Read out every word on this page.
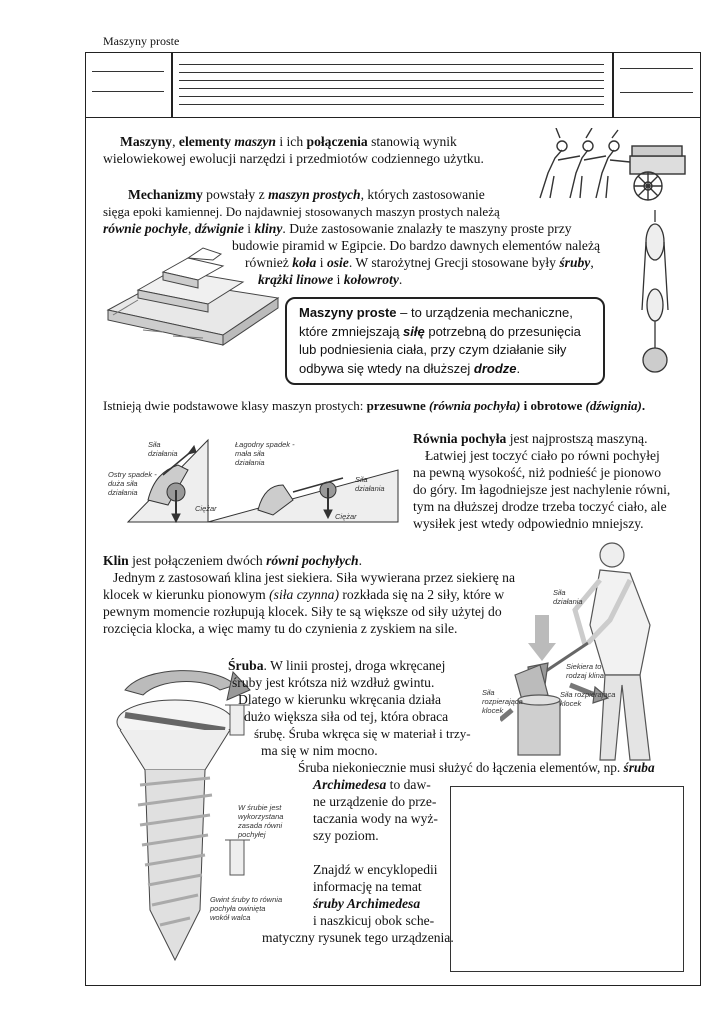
Maszyny proste
Maszyny, elementy maszyn i ich połączenia stanowią wynik
wielowiekowej ewolucji narzędzi i przedmiotów codziennego użytku.
Mechanizmy powstały z maszyn prostych, których zastosowanie
sięga epoki kamiennej. Do najdawniej stosowanych maszyn prostych należą
równie pochyłe, dźwignie i kliny. Duże zastosowanie znalazły te maszyny proste przy
budowie piramid w Egipcie. Do bardzo dawnych elementów należą
również koła i osie. W starożytnej Grecji stosowane były śruby,
krążki linowe i kołowroty.
Maszyny proste – to urządzenia mechaniczne,
które zmniejszają siłę potrzebną do przesunięcia
lub podniesienia ciała, przy czym działanie siły
odbywa się wtedy na dłuższej drodze.
Istnieją dwie podstawowe klasy maszyn prostych: przesuwne (równia pochyła) i obrotowe (dźwignia).
Siła
działania
Łagodny spadek -
mała siła
działania
Ostry spadek -
duża siła
działania
Siła
działania
Ciężar
Ciężar
Równia pochyła jest najprostszą maszyną.
Łatwiej jest toczyć ciało po równi pochyłej
na pewną wysokość, niż podnieść je pionowo
do góry. Im łagodniejsze jest nachylenie równi,
tym na dłuższej drodze trzeba toczyć ciało, ale
wysiłek jest wtedy odpowiednio mniejszy.
Klin jest połączeniem dwóch równi pochyłych.
Jednym z zastosowań klina jest siekiera. Siła wywierana przez siekierę na
klocek w kierunku pionowym (siła czynna) rozkłada się na 2 siły, które w
pewnym momencie rozłupują klocek. Siły te są większe od siły użytej do
rozcięcia klocka, a więc mamy tu do czynienia z zyskiem na sile.
Siła
działania
Siekiera to
rodzaj klina
Siła
rozpierająca
klocek
Siła rozpierająca
klocek
W śrubie jest
wykorzystana
zasada równi
pochyłej
Gwint śruby to równia
pochyła owinięta
wokół walca
Śruba. W linii prostej, droga wkręcanej
śruby jest krótsza niż wzdłuż gwintu.
Dlatego w kierunku wkręcania działa
dużo większa siła od tej, która obraca
śrubę. Śruba wkręca się w materiał i trzy-
ma się w nim mocno.
Śruba niekoniecznie musi służyć do łączenia elementów, np. śruba
Archimedesa to daw-
ne urządzenie do prze-
taczania wody na wyż-
szy poziom.
Znajdź w encyklopedii
informację na temat
śruby Archimedesa
i naszkicuj obok sche-
matyczny rysunek tego urządzenia.
